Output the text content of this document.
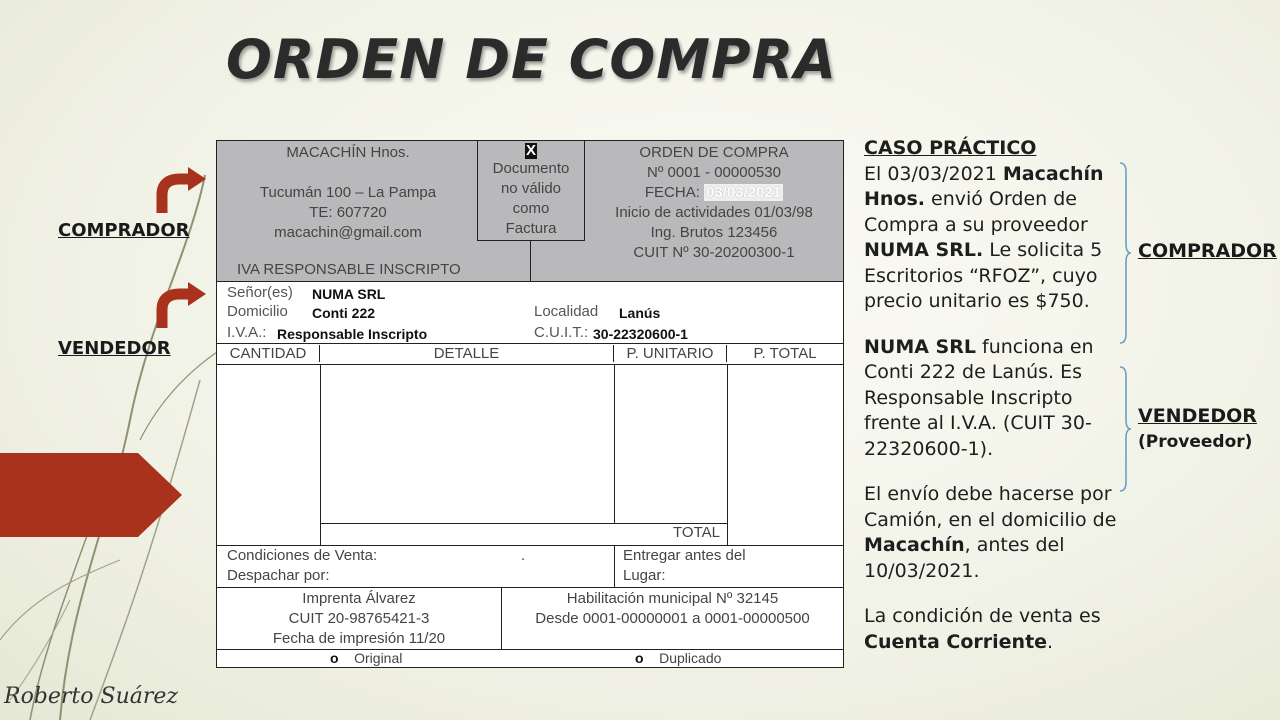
ORDEN DE COMPRA
COMPRADOR
VENDEDOR
MACACHÍN Hnos.

Tucumán 100 – La Pampa
TE: 607720
macachin@gmail.com
IVA RESPONSABLE INSCRIPTO
X
Documento
no válido
como
Factura
ORDEN DE COMPRA
Nº 0001 - 00000530
FECHA: 03/03/2021
Inicio de actividades 01/03/98
Ing. Brutos 123456
CUIT Nº 30-20200300-1
Señor(es) NUMA SRL
Domicilio Conti 222	Localidad Lanús
I.V.A.: Responsable Inscripto	C.U.I.T.: 30-22320600-1
CANTIDAD	DETALLE	P. UNITARIO	P. TOTAL
TOTAL
Condiciones de Venta:	.
Despachar por:
Entregar antes del
Lugar:
Imprenta Álvarez
CUIT 20-98765421-3
Fecha de impresión 11/20
Habilitación municipal Nº 32145
Desde 0001-00000001 a 0001-00000500
o Original	o Duplicado

CASO PRÁCTICO
El 03/03/2021 Macachín Hnos. envió Orden de Compra a su proveedor NUMA SRL. Le solicita 5 Escritorios “RFOZ”, cuyo precio unitario es $750.

NUMA SRL funciona en Conti 222 de Lanús. Es Responsable Inscripto frente al I.V.A. (CUIT 30-22320600-1).

El envío debe hacerse por Camión, en el domicilio de Macachín, antes del 10/03/2021.

La condición de venta es Cuenta Corriente.

COMPRADOR
VENDEDOR
(Proveedor)
Roberto Suárez
